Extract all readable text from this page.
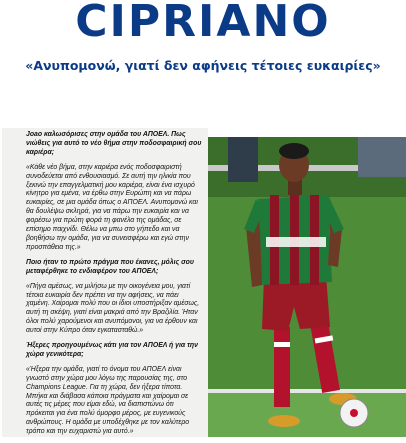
CIPRIANO
«Ανυπομονώ, γιατί δεν αφήνεις τέτοιες ευκαιρίες»

Joao καλωσόρισες στην ομάδα του ΑΠΟΕΛ. Πως νιώθεις για αυτό το νέο θήμα στην ποδοσφαιρική σου καριέρα;

«Κάθε νέο βήμα, στην καριέρα ενός ποδοσφαιριστή συνοδεύεται από ενθουσιασμό. Σε αυτή την ηλικία που ξεκινώ την επαγγελματική μου καριέρα, είναι ένα ισχυρό κίνητρο για εμένα, να έρθω στην Ευρώπη και να πάρω ευκαιρίες, σε μια ομάδα όπως ο ΑΠΟΕΛ. Ανυπομονώ και θα δουλέψω σκληρά, για να πάρω την ευκαιρία και να φορέσω για πρώτη φορά τη φανέλα της ομάδας, σε επίσημο παιχνίδι. Θέλω να μπω στο γήπεδο και να βοηθήσω την ομάδα, για να συνεισφέρω και εγώ στην προσπάθεια της.»

Ποιο ήταν το πρώτο πράγμα που έκανες, μόλις σου μεταφέρθηκε το ενδιαφέρον του ΑΠΟΕΛ;

«Πήγα αμέσως, να μιλήσω με την οικογένεια μου, γιατί τέτοια ευκαιρία δεν πρέπει να την αφήσεις, να πάει χαμένη. Χαίρομαι πολύ που οι ίδιοι υποστήριξαν αμέσως, αυτή τη σκέψη, γιατί είναι μακριά από την Βραζιλία. Ήταν όλοι πολύ χαρούμενοι και ανυπόμονοι, για να έρθουν και αυτοί στην Κύπρο όταν εγκατασταθώ.»

Ήξερες προηγουμένως κάτι για τον ΑΠΟΕΛ ή για την χώρα γενικότερα;

«Ήξερα την ομάδα, γιατί το όνομα του ΑΠΟΕΛ είναι γνωστό στην χώρα μου λόγω της παρουσίας της, στο Champions League. Για τη χώρα, δεν ήξερα τίποτα. Μπήκα και διάβασα κάποια πράγματα και χαίρομαι σε αυτές τις μέρες που είμαι εδώ, να διαπιστώνω ότι πρόκειται για ένα πολύ όμορφο μέρος, με ευγενικούς ανθρώπους. Η ομάδα με υποδέχθηκε με τον καλύτερο τρόπο και την ευχαριστώ για αυτό.»
